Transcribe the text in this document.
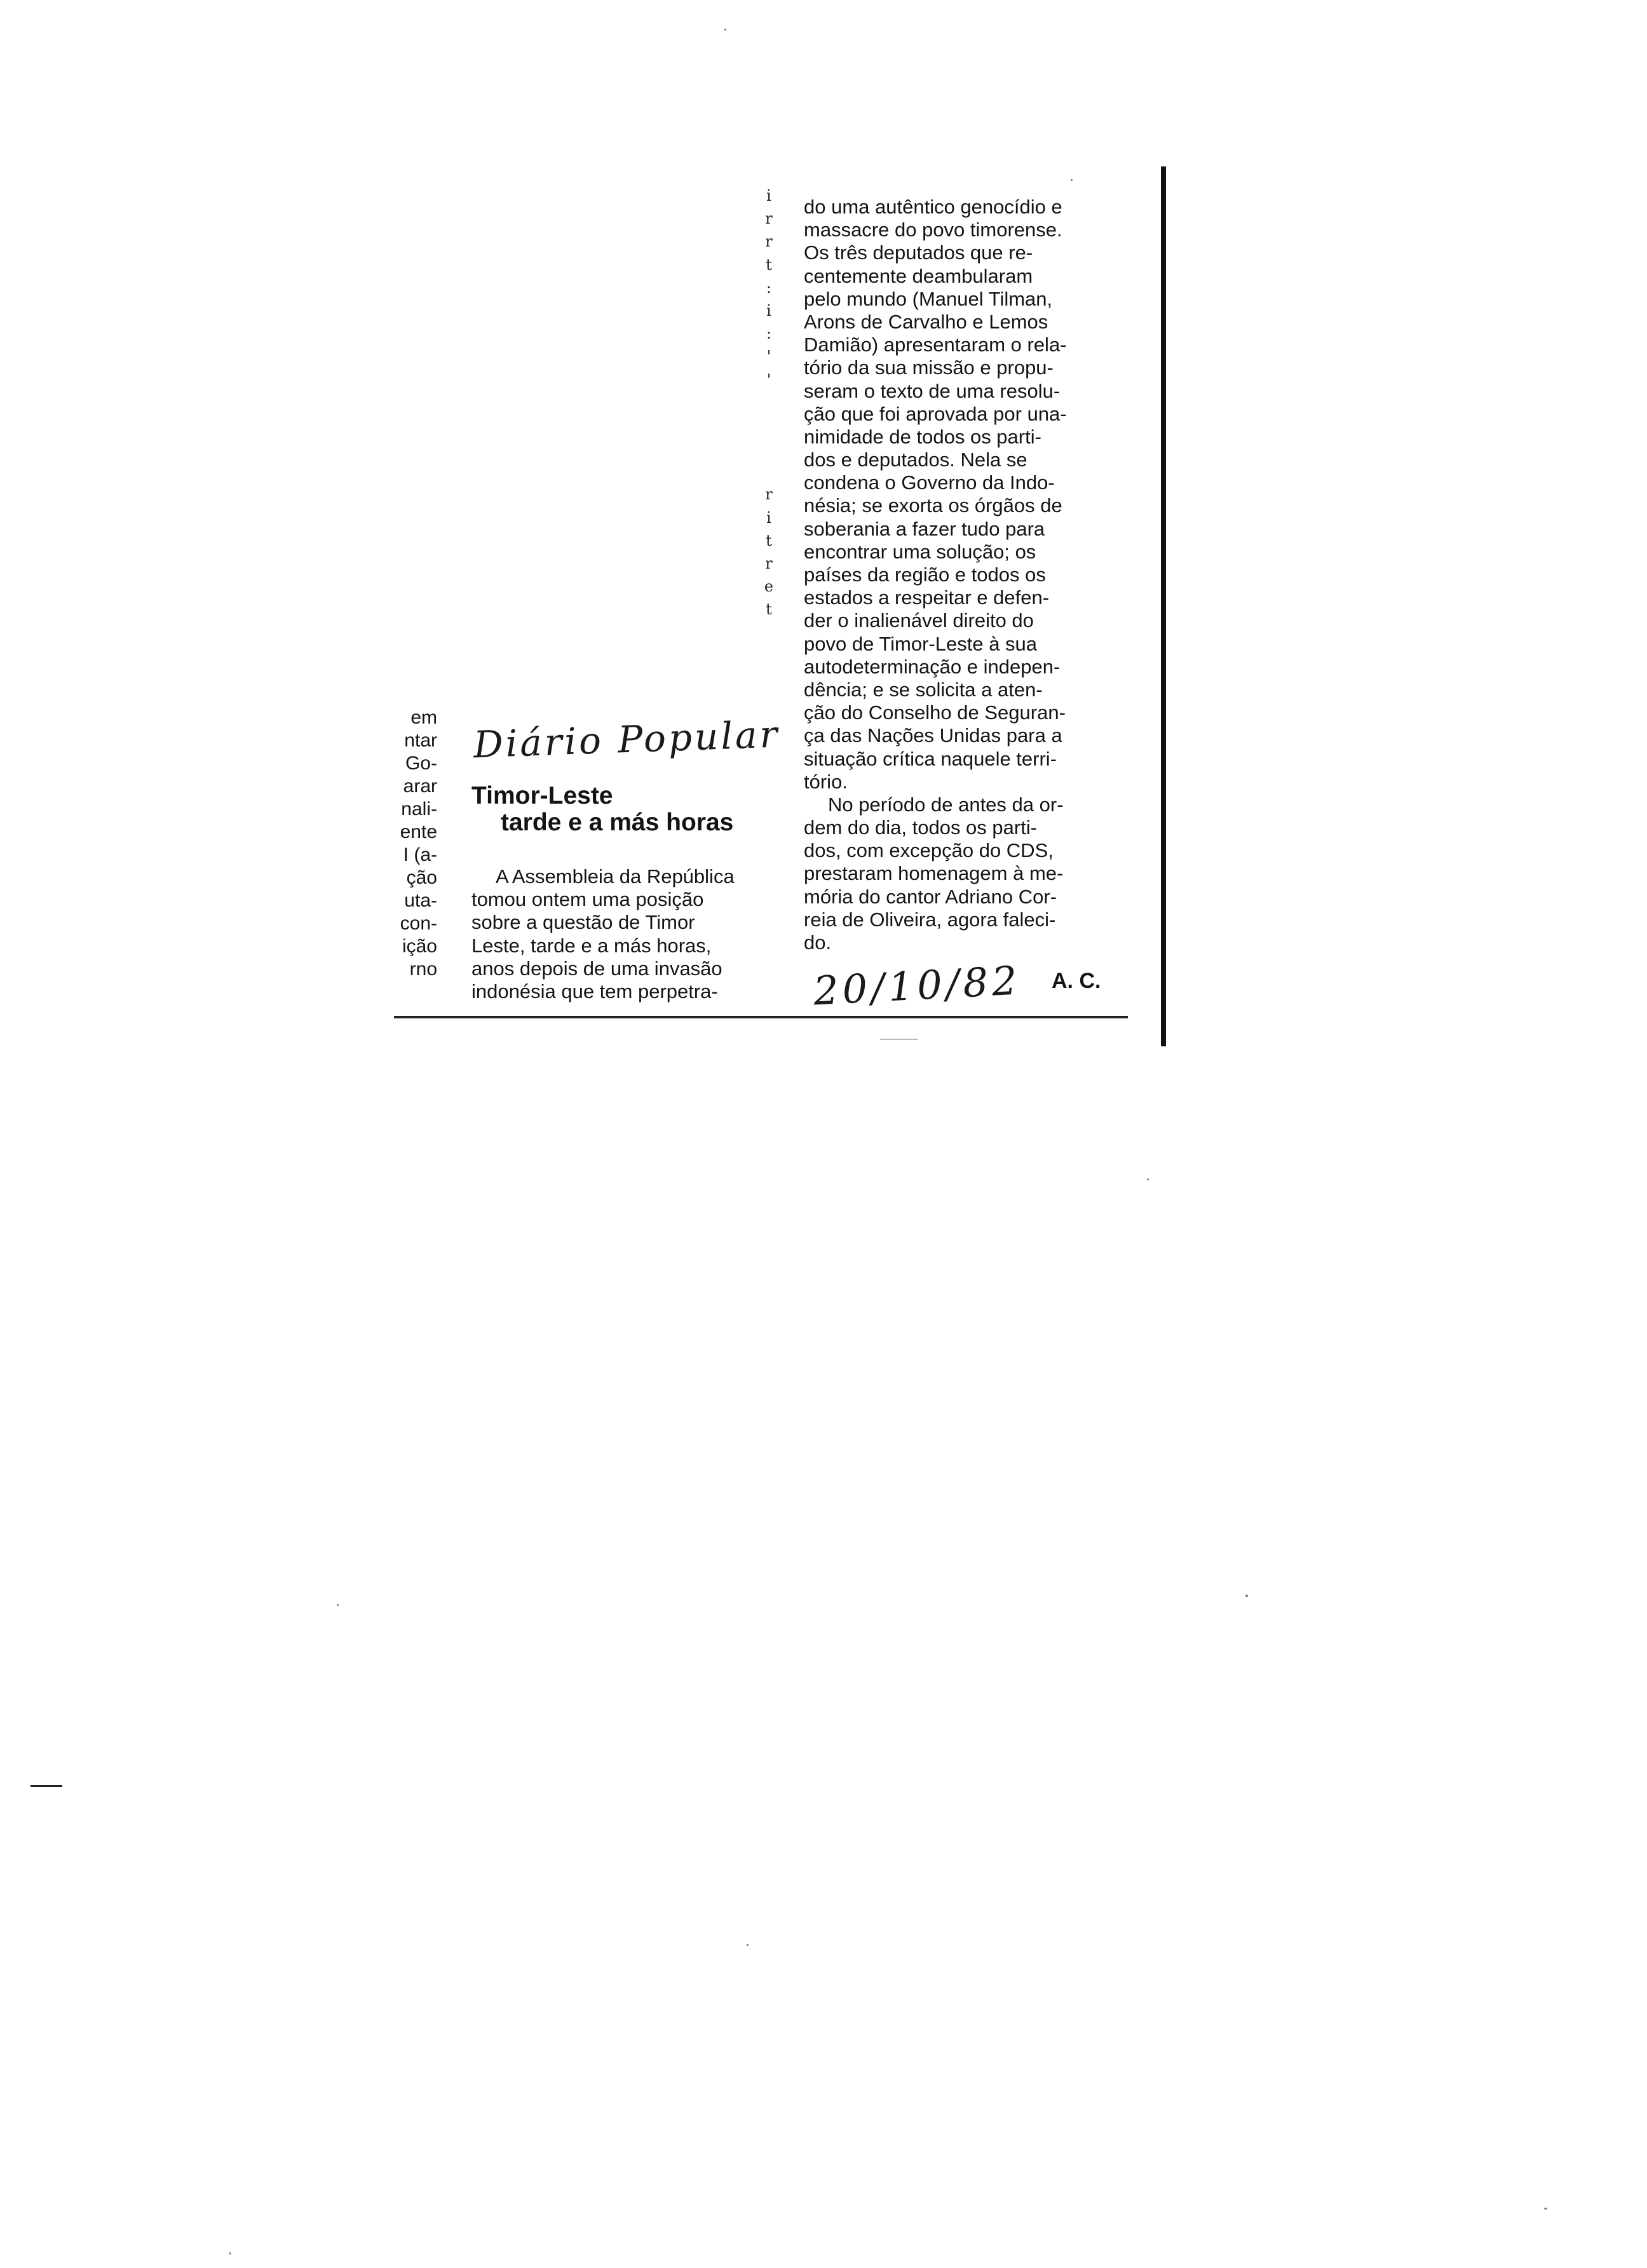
Diário Popular
em
ntar
Go-
arar
nali-
ente
I (a-
ção
uta-
con-
ição
rno
Timor-Leste
tarde e a más horas
A Assembleia da República
tomou ontem uma posição
sobre a questão de Timor
Leste, tarde e a más horas,
anos depois de uma invasão
indonésia que tem perpetra-
i
r
r
t
:
i
:
'
'
r
i
t
r
e
t
do uma autêntico genocídio e
massacre do povo timorense.
Os três deputados que re-
centemente deambularam
pelo mundo (Manuel Tilman,
Arons de Carvalho e Lemos
Damião) apresentaram o rela-
tório da sua missão e propu-
seram o texto de uma resolu-
ção que foi aprovada por una-
nimidade de todos os parti-
dos e deputados. Nela se
condena o Governo da Indo-
nésia; se exorta os órgãos de
soberania a fazer tudo para
encontrar uma solução; os
países da região e todos os
estados a respeitar e defen-
der o inalienável direito do
povo de Timor-Leste à sua
autodeterminação e indepen-
dência; e se solicita a aten-
ção do Conselho de Seguran-
ça das Nações Unidas para a
situação crítica naquele terri-
tório.
No período de antes da or-
dem do dia, todos os parti-
dos, com excepção do CDS,
prestaram homenagem à me-
mória do cantor Adriano Cor-
reia de Oliveira, agora faleci-
do.
20/10/82 A. C.
